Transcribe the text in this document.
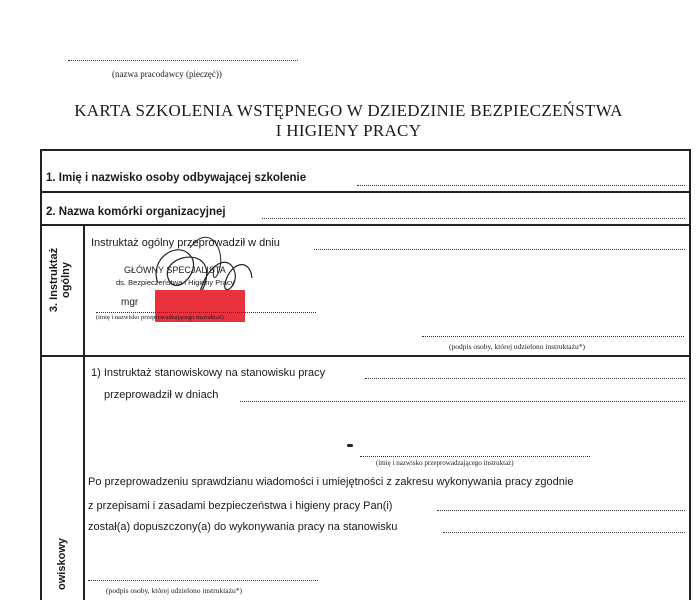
(nazwa pracodawcy (pieczęć))
KARTA SZKOLENIA WSTĘPNEGO W DZIEDZINIE BEZPIECZEŃSTWA
I HIGIENY PRACY
1. Imię i nazwisko osoby odbywającej szkolenie
2. Nazwa komórki organizacyjnej
3. Instruktaż ogólny
Instruktaż ogólny przeprowadził w dniu
GŁÓWNY SPECJALISTA
ds. Bezpieczeństwa i Higieny Pracy
mgr
(imię i nazwisko przeprowadzającego instruktaż)
(podpis osoby, której udzielono instruktażu*)
owiskowy
1) Instruktaż stanowiskowy na stanowisku pracy
przeprowadził w dniach
(imię i nazwisko przeprowadzającego instruktaż)
Po przeprowadzeniu sprawdzianu wiadomości i umiejętności z zakresu wykonywania pracy zgodnie
z przepisami i zasadami bezpieczeństwa i higieny pracy Pan(i)
został(a) dopuszczony(a) do wykonywania pracy na stanowisku
(podpis osoby, której udzielono instruktażu*)
